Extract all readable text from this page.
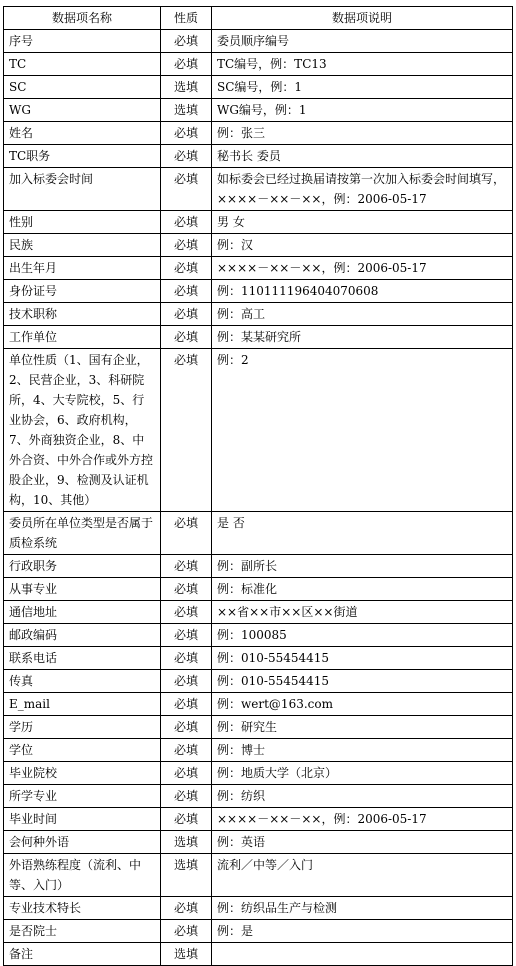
数据项名称	性质	数据项说明
序号	必填	委员顺序编号
TC	必填	TC编号，例：TC13
SC	选填	SC编号，例：1
WG	选填	WG编号，例：1
姓名	必填	例：张三
TC职务	必填	秘书长 委员
加入标委会时间	必填	如标委会已经过换届请按第一次加入标委会时间填写，××××－××－××，例：2006-05-17
性别	必填	男 女
民族	必填	例：汉
出生年月	必填	××××－××－××，例：2006-05-17
身份证号	必填	例：110111196404070608
技术职称	必填	例：高工
工作单位	必填	例：某某研究所
单位性质（1、国有企业，2、民营企业，3、科研院所，4、大专院校，5、行业协会，6、政府机构，7、外商独资企业，8、中外合资、中外合作或外方控股企业，9、检测及认证机构，10、其他）	必填	例：2
委员所在单位类型是否属于质检系统	必填	是 否
行政职务	必填	例：副所长
从事专业	必填	例：标准化
通信地址	必填	××省××市××区××街道
邮政编码	必填	例：100085
联系电话	必填	例：010-55454415
传真	必填	例：010-55454415
E_mail	必填	例：wert@163.com
学历	必填	例：研究生
学位	必填	例：博士
毕业院校	必填	例：地质大学（北京）
所学专业	必填	例：纺织
毕业时间	必填	××××－××－××，例：2006-05-17
会何种外语	选填	例：英语
外语熟练程度（流利、中等、入门）	选填	流利／中等／入门
专业技术特长	必填	例：纺织品生产与检测
是否院士	必填	例：是
备注	选填	
